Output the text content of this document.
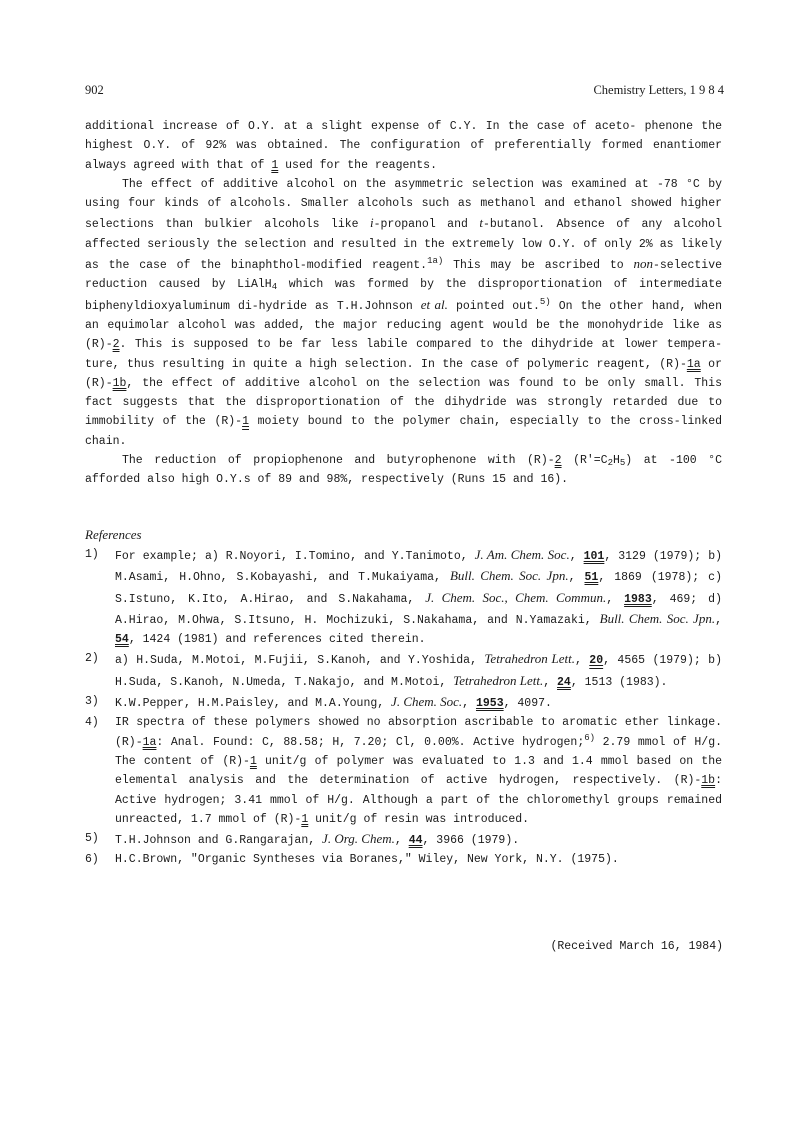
902	Chemistry Letters, 1 9 8 4

additional increase of O.Y. at a slight expense of C.Y. In the case of aceto- phenone the highest O.Y. of 92% was obtained. The configuration of preferentially formed enantiomer always agreed with that of 1 used for the reagents.

The effect of additive alcohol on the asymmetric selection was examined at -78 °C by using four kinds of alcohols. Smaller alcohols such as methanol and ethanol showed higher selections than bulkier alcohols like i-propanol and t-butanol. Absence of any alcohol affected seriously the selection and resulted in the extremely low O.Y. of only 2% as likely as the case of the binaphthol-modified reagent.$^{1a)}$ This may be ascribed to non-selective reduction caused by LiAlH$_4$ which was formed by the disproportionation of intermediate biphenyldioxyaluminum di-hydride as T.H.Johnson et al. pointed out.$^{5)}$ On the other hand, when an equimolar alcohol was added, the major reducing agent would be the monohydride like as (R)-2. This is supposed to be far less labile compared to the dihydride at lower tempera-ture, thus resulting in quite a high selection. In the case of polymeric reagent, (R)-1a or (R)-1b, the effect of additive alcohol on the selection was found to be only small. This fact suggests that the disproportionation of the dihydride was strongly retarded due to immobility of the (R)-1 moiety bound to the polymer chain, especially to the cross-linked chain.

The reduction of propiophenone and butyrophenone with (R)-2 $(R'=C_2H_5)$ at -100 °C afforded also high O.Y.s of 89 and 98%, respectively (Runs 15 and 16).

References
1)	For example; a) R.Noyori, I.Tomino, and Y.Tanimoto, J. Am. Chem. Soc., 101, 3129 (1979); b) M.Asami, H.Ohno, S.Kobayashi, and T.Mukaiyama, Bull. Chem. Soc. Jpn., 51, 1869 (1978); c) S.Istuno, K.Ito, A.Hirao, and S.Nakahama, J. Chem. Soc., Chem. Commun., 1983, 469; d) A.Hirao, M.Ohwa, S.Itsuno, H. Mochizuki, S.Nakahama, and N.Yamazaki, Bull. Chem. Soc. Jpn., 54, 1424 (1981) and references cited therein.
2)	a) H.Suda, M.Motoi, M.Fujii, S.Kanoh, and Y.Yoshida, Tetrahedron Lett., 20, 4565 (1979); b) H.Suda, S.Kanoh, N.Umeda, T.Nakajo, and M.Motoi, Tetrahedron Lett., 24, 1513 (1983).
3)	K.W.Pepper, H.M.Paisley, and M.A.Young, J. Chem. Soc., 1953, 4097.
4)	IR spectra of these polymers showed no absorption ascribable to aromatic ether linkage. (R)-1a: Anal. Found: C, 88.58; H, 7.20; Cl, 0.00%. Active hydrogen;$^{6)}$ 2.79 mmol of H/g. The content of (R)-1 unit/g of polymer was evaluated to 1.3 and 1.4 mmol based on the elemental analysis and the determination of active hydrogen, respectively. (R)-1b: Active hydrogen; 3.41 mmol of H/g. Although a part of the chloromethyl groups remained unreacted, 1.7 mmol of (R)-1 unit/g of resin was introduced.
5)	T.H.Johnson and G.Rangarajan, J. Org. Chem., 44, 3966 (1979).
6)	H.C.Brown, "Organic Syntheses via Boranes," Wiley, New York, N.Y. (1975).
(Received March 16, 1984)
